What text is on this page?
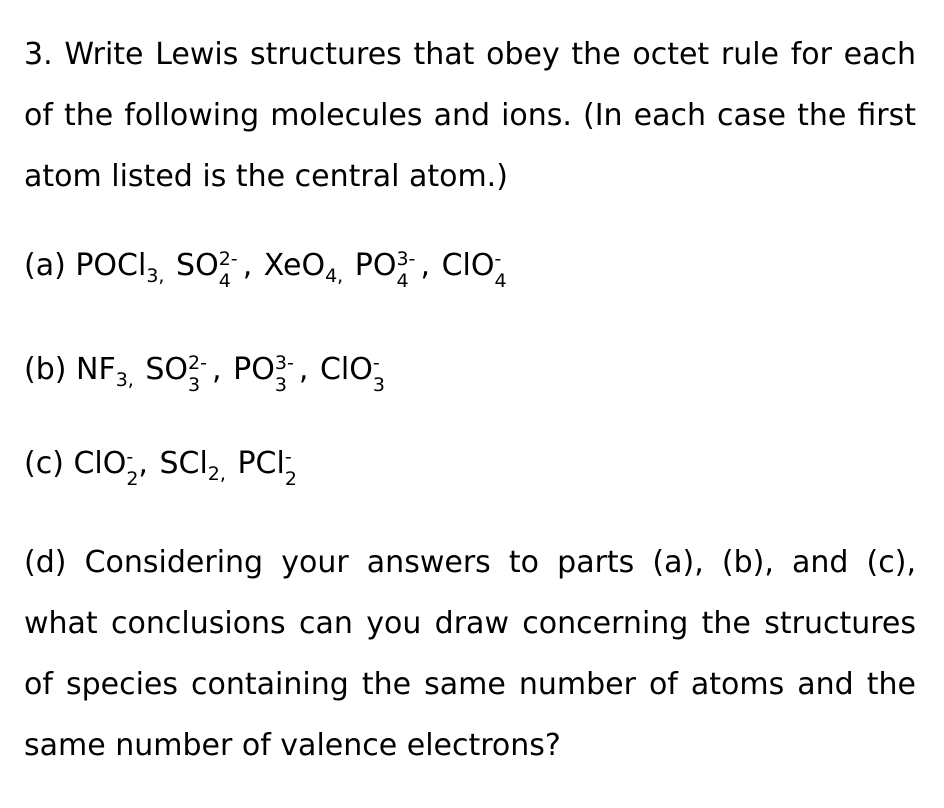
3. Write Lewis structures that obey the octet rule for each of the following molecules and ions. (In each case the first atom listed is the central atom.)

(a) POCl$_{3,}$ SO 4
2- , XeO$_{4,}$ PO 4
3- , ClO 4
-
(b) $NF_{3,}$ SO 3
2- , PO 3
3- , ClO 3
-
(c) ClO 2
- , SCl$_{2,}$ PCl 2
-

(d) Considering your answers to parts (a), (b), and (c), what conclusions can you draw concerning the structures of species containing the same number of atoms and the same number of valence electrons?
